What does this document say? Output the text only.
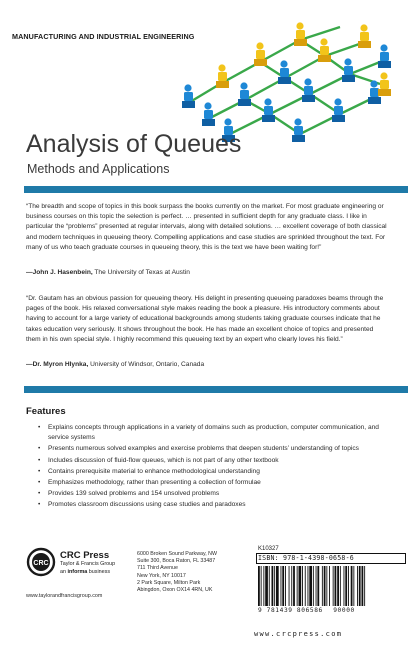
MANUFACTURING AND INDUSTRIAL ENGINEERING
Analysis of Queues
Methods and Applications

“The breadth and scope of topics in this book surpass the books currently on the market. For most graduate engineering or business courses on this topic the selection is perfect. … presented in sufficient depth for any graduate class. I like in particular the “problems” presented at regular intervals, along with detailed solutions. … excellent coverage of both classical and modern techniques in queueing theory. Compelling applications and case studies are sprinkled throughout the text. For many of us who teach graduate courses in queueing theory, this is the text we have been waiting for!”

—John J. Hasenbein, The University of Texas at Austin

“Dr. Gautam has an obvious passion for queueing theory. His delight in presenting queueing paradoxes beams through the pages of the book. His relaxed conversational style makes reading the book a pleasure. His introductory comments about having to account for a large variety of educational backgrounds among students taking graduate courses indicate that he takes education very seriously. It shows throughout the book. He has made an excellent choice of topics and presented them in his own special style. I highly recommend this queueing text by an expert who clearly loves his field.”

—Dr. Myron Hlynka, University of Windsor, Ontario, Canada
Features
• Explains concepts through applications in a variety of domains such as production, computer communication, and service systems
• Presents numerous solved examples and exercise problems that deepen students’ understanding of topics
• Includes discussion of fluid-flow queues, which is not part of any other textbook
• Contains prerequisite material to enhance methodological understanding
• Emphasizes methodology, rather than presenting a collection of formulae
• Provides 139 solved problems and 154 unsolved problems
• Promotes classroom discussions using case studies and paradoxes
CRC
CRC Press
Taylor & Francis Group
an informa business
www.taylorandfrancisgroup.com
6000 Broken Sound Parkway, NW
Suite 300, Boca Raton, FL 33487
711 Third Avenue
New York, NY 10017
2 Park Square, Milton Park
Abingdon, Oxon OX14 4RN, UK
K10327
ISBN: 978-1-4398-0658-6
9 781439 806586 90000
www.crcpress.com
